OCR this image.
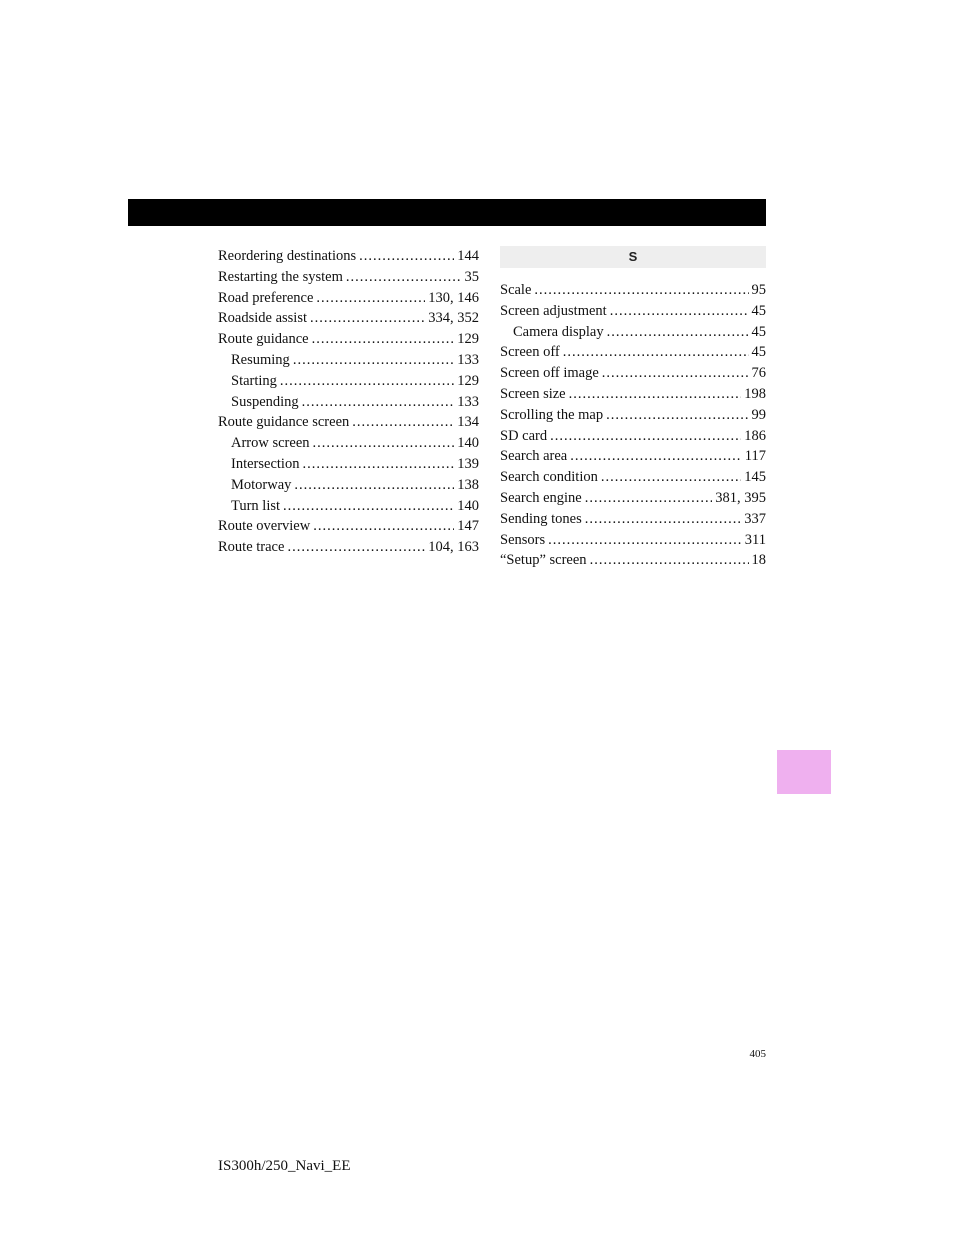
Reordering destinations .....	144
Restarting the system .....	35
Road preference .....	130, 146
Roadside assist .....	334, 352
Route guidance .....	129
Resuming .....	133
Starting .....	129
Suspending .....	133
Route guidance screen .....	134
Arrow screen .....	140
Intersection .....	139
Motorway .....	138
Turn list .....	140
Route overview .....	147
Route trace .....	104, 163
S
Scale .....	95
Screen adjustment .....	45
Camera display .....	45
Screen off .....	45
Screen off image .....	76
Screen size .....	198
Scrolling the map .....	99
SD card .....	186
Search area .....	117
Search condition .....	145
Search engine .....	381, 395
Sending tones .....	337
Sensors .....	311
“Setup” screen .....	18
405
IS300h/250_Navi_EE
